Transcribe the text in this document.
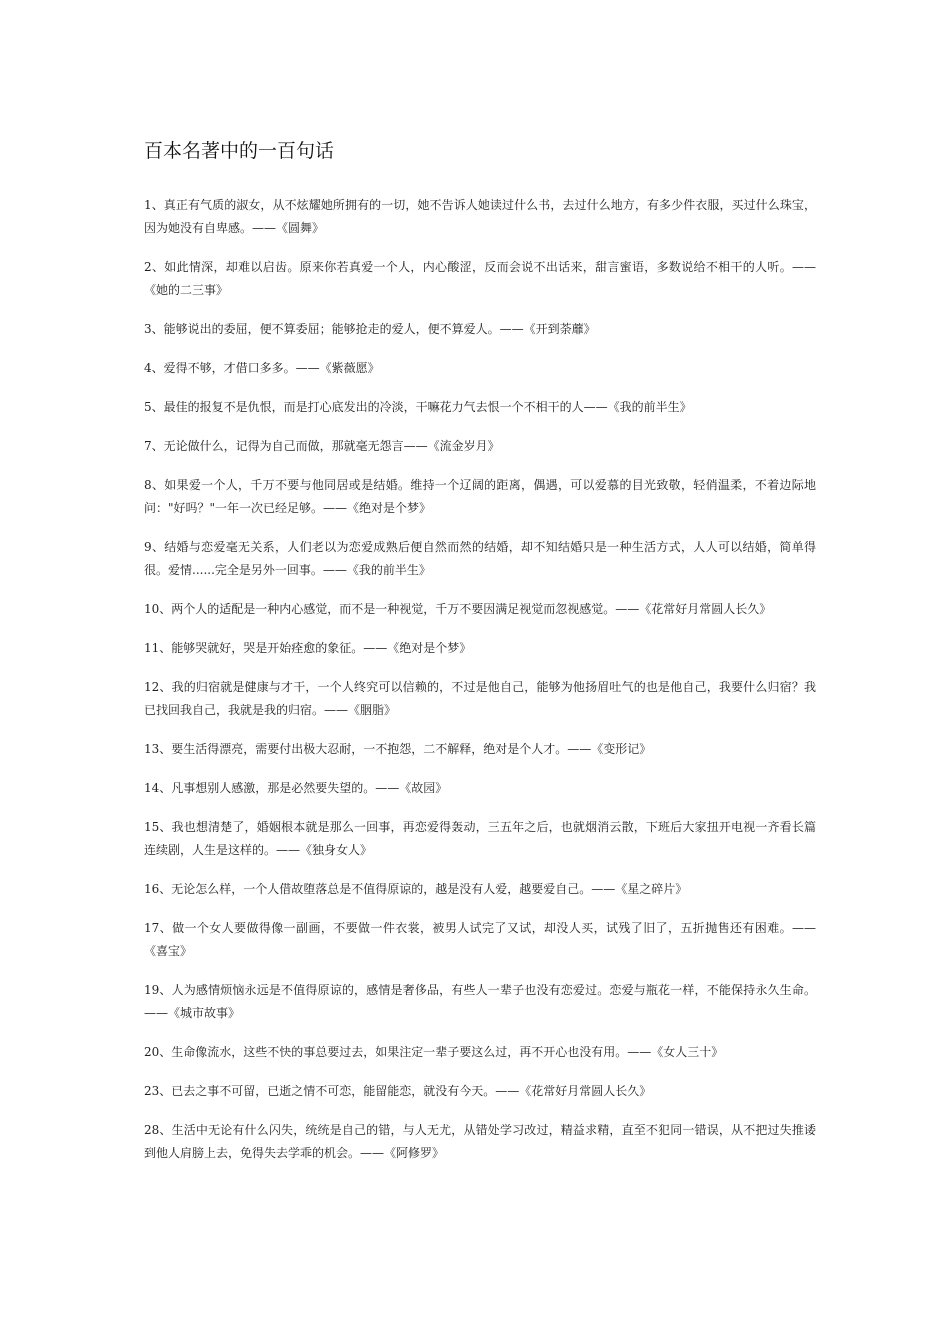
百本名著中的一百句话
1、真正有气质的淑女，从不炫耀她所拥有的一切，她不告诉人她读过什么书，去过什么地方，有多少件衣服，买过什么珠宝，因为她没有自卑感。——《圆舞》
2、如此情深，却难以启齿。原来你若真爱一个人，内心酸涩，反而会说不出话来，甜言蜜语，多数说给不相干的人听。——《她的二三事》
3、能够说出的委屈，便不算委屈；能够抢走的爱人，便不算爱人。——《开到荼蘼》
4、爱得不够，才借口多多。——《紫薇愿》
5、最佳的报复不是仇恨，而是打心底发出的冷淡，干嘛花力气去恨一个不相干的人——《我的前半生》
7、无论做什么，记得为自己而做，那就毫无怨言——《流金岁月》
8、如果爱一个人，千万不要与他同居或是结婚。维持一个辽阔的距离，偶遇，可以爱慕的目光致敬，轻俏温柔，不着边际地问："好吗？"一年一次已经足够。——《绝对是个梦》
9、结婚与恋爱毫无关系，人们老以为恋爱成熟后便自然而然的结婚，却不知结婚只是一种生活方式，人人可以结婚，简单得很。爱情......完全是另外一回事。——《我的前半生》
10、两个人的适配是一种内心感觉，而不是一种视觉，千万不要因满足视觉而忽视感觉。——《花常好月常圆人长久》
11、能够哭就好，哭是开始痊愈的象征。——《绝对是个梦》
12、我的归宿就是健康与才干，一个人终究可以信赖的，不过是他自己，能够为他扬眉吐气的也是他自己，我要什么归宿？我已找回我自己，我就是我的归宿。——《胭脂》
13、要生活得漂亮，需要付出极大忍耐，一不抱怨，二不解释，绝对是个人才。——《变形记》
14、凡事想别人感激，那是必然要失望的。——《故园》
15、我也想清楚了，婚姻根本就是那么一回事，再恋爱得轰动，三五年之后，也就烟消云散，下班后大家扭开电视一齐看长篇连续剧，人生是这样的。——《独身女人》
16、无论怎么样，一个人借故堕落总是不值得原谅的，越是没有人爱，越要爱自己。——《星之碎片》
17、做一个女人要做得像一副画，不要做一件衣裳，被男人试完了又试，却没人买，试残了旧了，五折抛售还有困难。——《喜宝》
19、人为感情烦恼永远是不值得原谅的，感情是奢侈品，有些人一辈子也没有恋爱过。恋爱与瓶花一样，不能保持永久生命。——《城市故事》
20、生命像流水，这些不快的事总要过去，如果注定一辈子要这么过，再不开心也没有用。——《女人三十》
23、已去之事不可留，已逝之情不可恋，能留能恋，就没有今天。——《花常好月常圆人长久》
28、生活中无论有什么闪失，统统是自己的错，与人无尤，从错处学习改过，精益求精，直至不犯同一错误，从不把过失推诿到他人肩膀上去，免得失去学乖的机会。——《阿修罗》
